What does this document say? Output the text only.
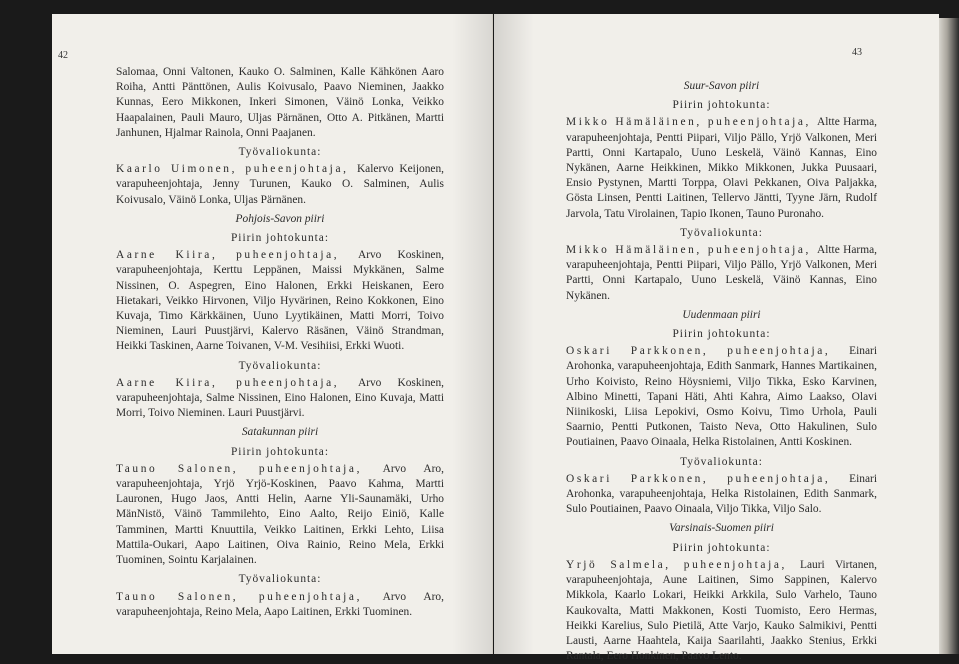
42	43

Salomaa, Onni Valtonen, Kauko O. Salminen, Kalle Kähkönen Aaro Roiha, Antti Pänttönen, Aulis Koivusalo, Paavo Nieminen, Jaakko Kunnas, Eero Mikkonen, Inkeri Simonen, Väinö Lonka, Veikko Haapalainen, Pauli Mauro, Uljas Pärnänen, Otto A. Pitkänen, Martti Janhunen, Hjalmar Rainola, Onni Paajanen.

Työvaliokunta:

Kaarlo Uimonen, puheenjohtaja, Kalervo Keijonen, varapuheenjohtaja, Jenny Turunen, Kauko O. Salminen, Aulis Koivusalo, Väinö Lonka, Uljas Pärnänen.

Pohjois-Savon piiri

Piirin johtokunta:

Aarne Kiira, puheenjohtaja, Arvo Koskinen, varapuheenjohtaja, Kerttu Leppänen, Maissi Mykkänen, Salme Nissinen, O. Aspegren, Eino Halonen, Erkki Heiskanen, Eero Hietakari, Veikko Hirvonen, Viljo Hyvärinen, Reino Kokkonen, Eino Kuvaja, Timo Kärkkäinen, Uuno Lyytikäinen, Matti Morri, Toivo Nieminen, Lauri Puustjärvi, Kalervo Räsänen, Väinö Strandman, Heikki Taskinen, Aarne Toivanen, V-M. Vesihiisi, Erkki Wuoti.

Työvaliokunta:

Aarne Kiira, puheenjohtaja, Arvo Koskinen, varapuheenjohtaja, Salme Nissinen, Eino Halonen, Eino Kuvaja, Matti Morri, Toivo Nieminen. Lauri Puustjärvi.

Satakunnan piiri

Piirin johtokunta:

Tauno Salonen, puheenjohtaja, Arvo Aro, varapuheenjohtaja, Yrjö Yrjö-Koskinen, Paavo Kahma, Martti Lauronen, Hugo Jaos, Antti Helin, Aarne Yli-Saunamäki, Urho MänNistö, Väinö Tammilehto, Eino Aalto, Reijo Einiö, Kalle Tamminen, Martti Knuuttila, Veikko Laitinen, Erkki Lehto, Liisa Mattila-Oukari, Aapo Laitinen, Oiva Rainio, Reino Mela, Erkki Tuominen, Sointu Karjalainen.

Työvaliokunta:

Tauno Salonen, puheenjohtaja, Arvo Aro, varapuheenjohtaja, Reino Mela, Aapo Laitinen, Erkki Tuominen.

Suur-Savon piiri

Piirin johtokunta:

Mikko Hämäläinen, puheenjohtaja, Altte Harma, varapuheenjohtaja, Pentti Piipari, Viljo Pällo, Yrjö Valkonen, Meri Partti, Onni Kartapalo, Uuno Leskelä, Väinö Kannas, Eino Nykänen, Aarne Heikkinen, Mikko Mikkonen, Jukka Puusaari, Ensio Pystynen, Martti Torppa, Olavi Pekkanen, Oiva Paljakka, Gösta Linsen, Pentti Laitinen, Tellervo Jäntti, Tyyne Järn, Rudolf Jarvola, Tatu Virolainen, Tapio Ikonen, Tauno Puronaho.

Työvaliokunta:

Mikko Hämäläinen, puheenjohtaja, Altte Harma, varapuheenjohtaja, Pentti Piipari, Viljo Pällo, Yrjö Valkonen, Meri Partti, Onni Kartapalo, Uuno Leskelä, Väinö Kannas, Eino Nykänen.

Uudenmaan piiri

Piirin johtokunta:

Oskari Parkkonen, puheenjohtaja, Einari Arohonka, varapuheenjohtaja, Edith Sanmark, Hannes Martikainen, Urho Koivisto, Reino Höysniemi, Viljo Tikka, Esko Karvinen, Albino Minetti, Tapani Häti, Ahti Kahra, Aimo Laakso, Olavi Niinikoski, Liisa Lepokivi, Osmo Koivu, Timo Urhola, Pauli Saarnio, Pentti Putkonen, Taisto Neva, Otto Hakulinen, Sulo Poutiainen, Paavo Oinaala, Helka Ristolainen, Antti Koskinen.

Työvaliokunta:

Oskari Parkkonen, puheenjohtaja, Einari Arohonka, varapuheenjohtaja, Helka Ristolainen, Edith Sanmark, Sulo Poutiainen, Paavo Oinaala, Viljo Tikka, Viljo Salo.

Varsinais-Suomen piiri

Piirin johtokunta:

Yrjö Salmela, puheenjohtaja, Lauri Virtanen, varapuheenjohtaja, Aune Laitinen, Simo Sappinen, Kalervo Mikkola, Kaarlo Lokari, Heikki Arkkila, Sulo Varhelo, Tauno Kaukovalta, Matti Makkonen, Kosti Tuomisto, Eero Hermas, Heikki Karelius, Sulo Pietilä, Atte Varjo, Kauko Salmikivi, Pentti Lausti, Aarne Haahtela, Kaija Saarilahti, Jaakko Stenius, Erkki Rantala, Eero Honkinen, Paavo Lento.
